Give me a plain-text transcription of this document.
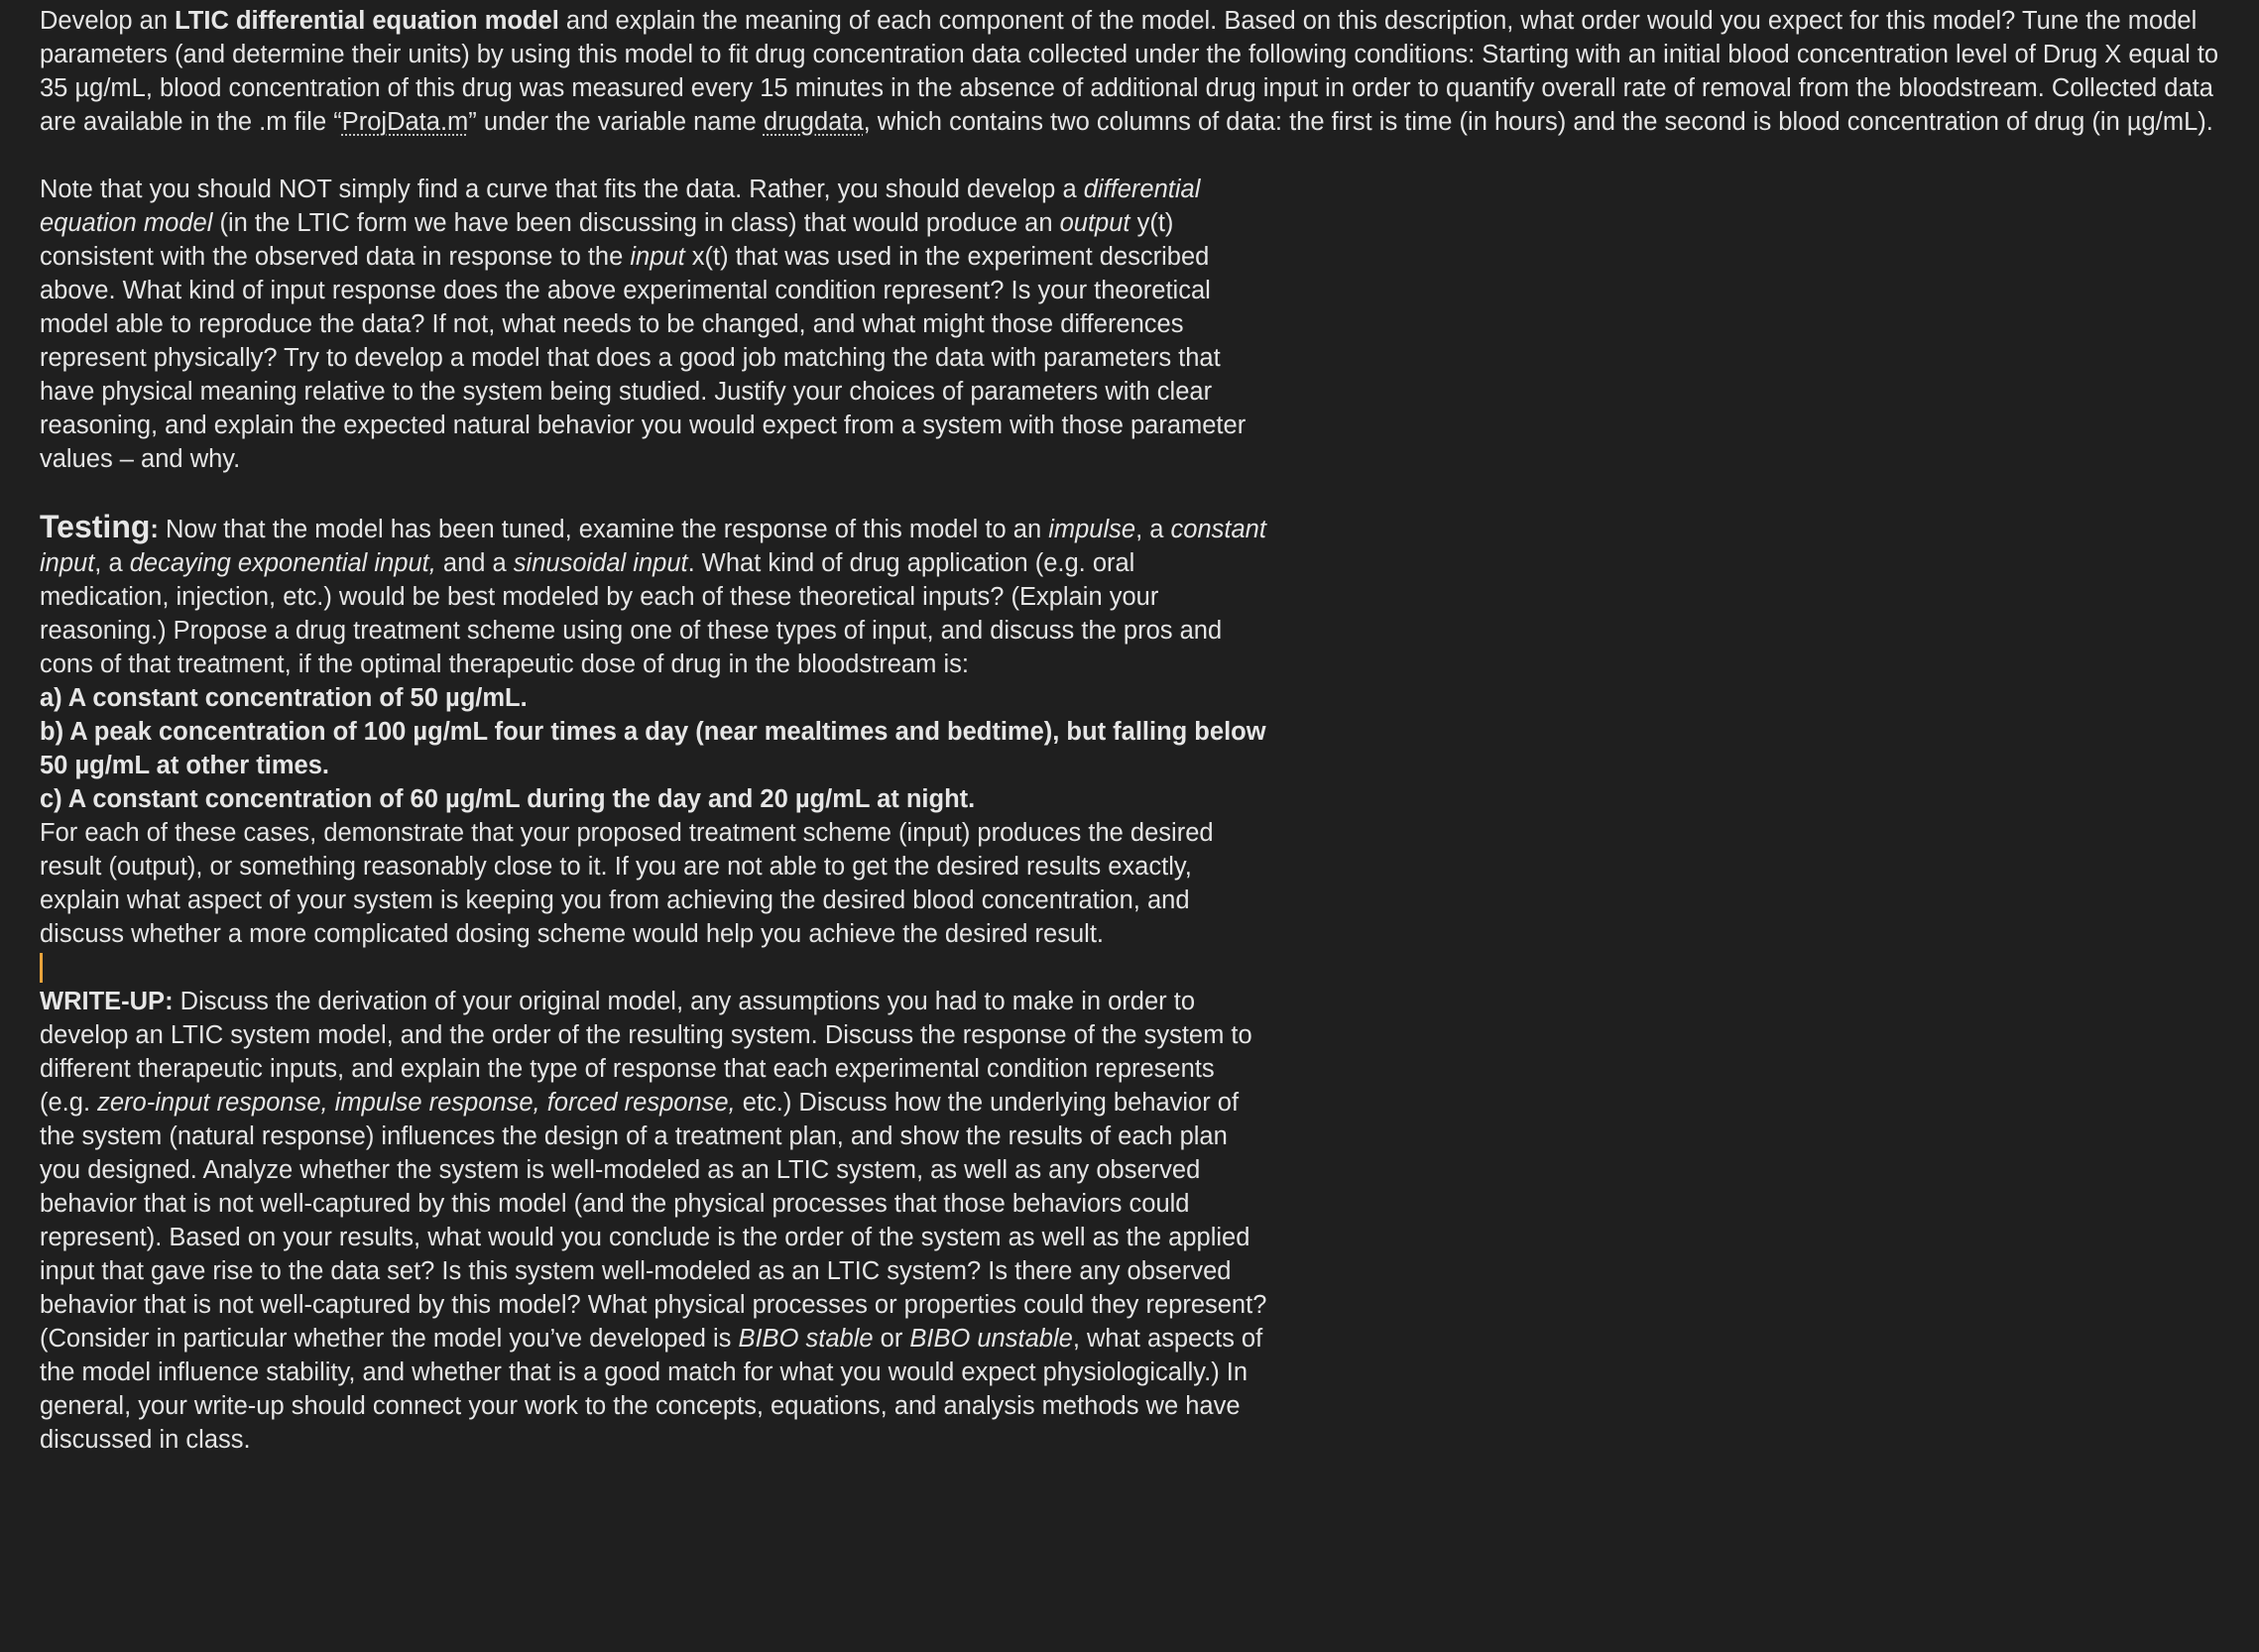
Develop an LTIC differential equation model and explain the meaning of each component of the model. Based on this description, what order would you expect for this model? Tune the model parameters (and determine their units) by using this model to fit drug concentration data collected under the following conditions: Starting with an initial blood concentration level of Drug X equal to 35 µg/mL, blood concentration of this drug was measured every 15 minutes in the absence of additional drug input in order to quantify overall rate of removal from the bloodstream. Collected data are available in the .m file “ProjData.m” under the variable name drugdata, which contains two columns of data: the first is time (in hours) and the second is blood concentration of drug (in µg/mL).

Note that you should NOT simply find a curve that fits the data. Rather, you should develop a differential equation model (in the LTIC form we have been discussing in class) that would produce an output y(t) consistent with the observed data in response to the input x(t) that was used in the experiment described above. What kind of input response does the above experimental condition represent? Is your theoretical model able to reproduce the data? If not, what needs to be changed, and what might those differences represent physically? Try to develop a model that does a good job matching the data with parameters that have physical meaning relative to the system being studied. Justify your choices of parameters with clear reasoning, and explain the expected natural behavior you would expect from a system with those parameter values – and why.

Testing: Now that the model has been tuned, examine the response of this model to an impulse, a constant input, a decaying exponential input, and a sinusoidal input. What kind of drug application (e.g. oral medication, injection, etc.) would be best modeled by each of these theoretical inputs? (Explain your reasoning.) Propose a drug treatment scheme using one of these types of input, and discuss the pros and cons of that treatment, if the optimal therapeutic dose of drug in the bloodstream is:

a) A constant concentration of 50 µg/mL.

b) A peak concentration of 100 µg/mL four times a day (near mealtimes and bedtime), but falling below 50 µg/mL at other times.

c) A constant concentration of 60 µg/mL during the day and 20 µg/mL at night.

For each of these cases, demonstrate that your proposed treatment scheme (input) produces the desired result (output), or something reasonably close to it. If you are not able to get the desired results exactly, explain what aspect of your system is keeping you from achieving the desired blood concentration, and discuss whether a more complicated dosing scheme would help you achieve the desired result.

WRITE-UP: Discuss the derivation of your original model, any assumptions you had to make in order to develop an LTIC system model, and the order of the resulting system. Discuss the response of the system to different therapeutic inputs, and explain the type of response that each experimental condition represents (e.g. zero-input response, impulse response, forced response, etc.) Discuss how the underlying behavior of the system (natural response) influences the design of a treatment plan, and show the results of each plan you designed. Analyze whether the system is well-modeled as an LTIC system, as well as any observed behavior that is not well-captured by this model (and the physical processes that those behaviors could represent). Based on your results, what would you conclude is the order of the system as well as the applied input that gave rise to the data set? Is this system well-modeled as an LTIC system? Is there any observed behavior that is not well-captured by this model? What physical processes or properties could they represent? (Consider in particular whether the model you’ve developed is BIBO stable or BIBO unstable, what aspects of the model influence stability, and whether that is a good match for what you would expect physiologically.) In general, your write-up should connect your work to the concepts, equations, and analysis methods we have discussed in class.
